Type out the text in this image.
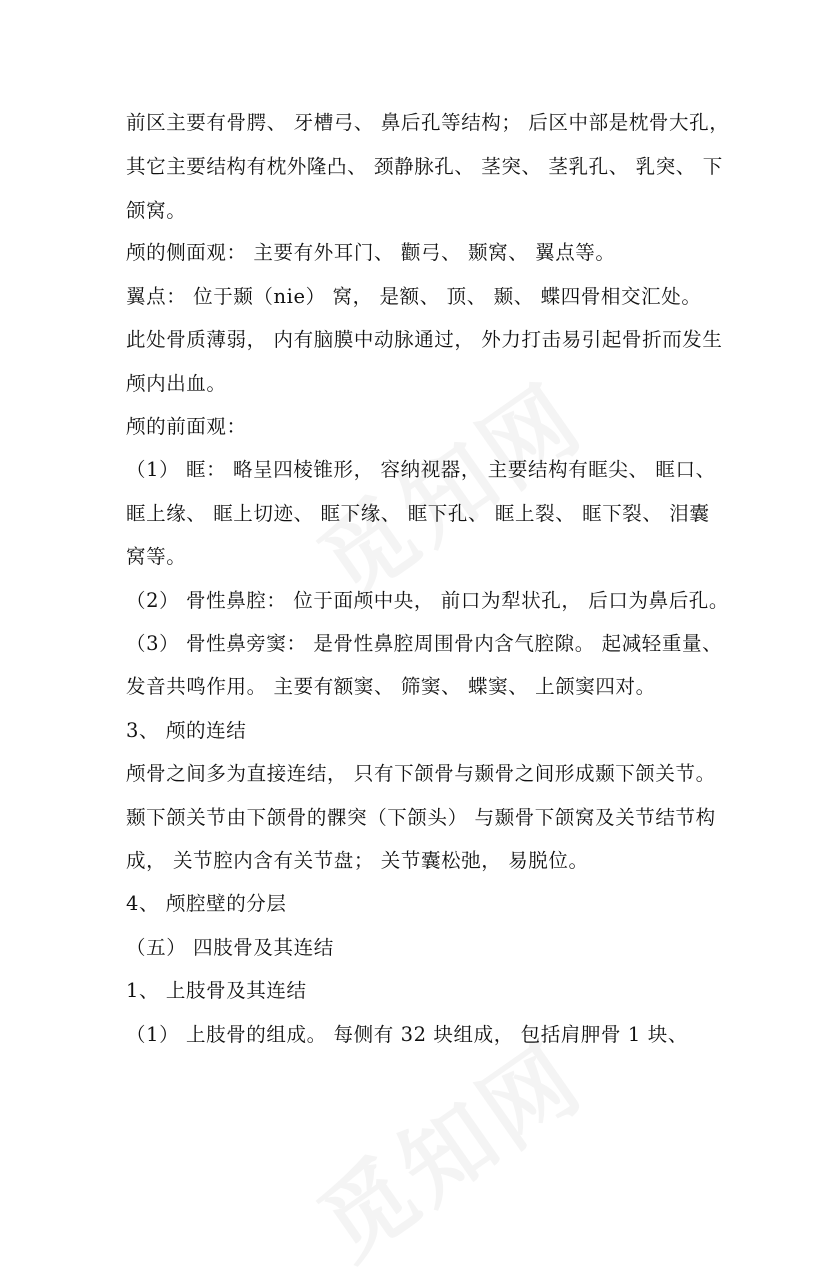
前区主要有骨腭、 牙槽弓、 鼻后孔等结构； 后区中部是枕骨大孔，
其它主要结构有枕外隆凸、 颈静脉孔、 茎突、 茎乳孔、 乳突、 下
颌窝。
颅的侧面观： 主要有外耳门、 颧弓、 颞窝、 翼点等。
翼点： 位于颞（nie） 窝， 是额、 顶、 颞、 蝶四骨相交汇处。
此处骨质薄弱， 内有脑膜中动脉通过， 外力打击易引起骨折而发生
颅内出血。
颅的前面观：
（1） 眶： 略呈四棱锥形， 容纳视器， 主要结构有眶尖、 眶口、
眶上缘、 眶上切迹、 眶下缘、 眶下孔、 眶上裂、 眶下裂、 泪囊
窝等。
（2） 骨性鼻腔： 位于面颅中央， 前口为犁状孔， 后口为鼻后孔。
（3） 骨性鼻旁窦： 是骨性鼻腔周围骨内含气腔隙。 起减轻重量、
发音共鸣作用。 主要有额窦、 筛窦、 蝶窦、 上颌窦四对。
3、 颅的连结
颅骨之间多为直接连结， 只有下颌骨与颞骨之间形成颞下颌关节。
颞下颌关节由下颌骨的髁突（下颌头） 与颞骨下颌窝及关节结节构
成， 关节腔内含有关节盘； 关节囊松弛， 易脱位。
4、 颅腔壁的分层
（五） 四肢骨及其连结
1、 上肢骨及其连结
（1） 上肢骨的组成。 每侧有 32 块组成， 包括肩胛骨 1 块、
